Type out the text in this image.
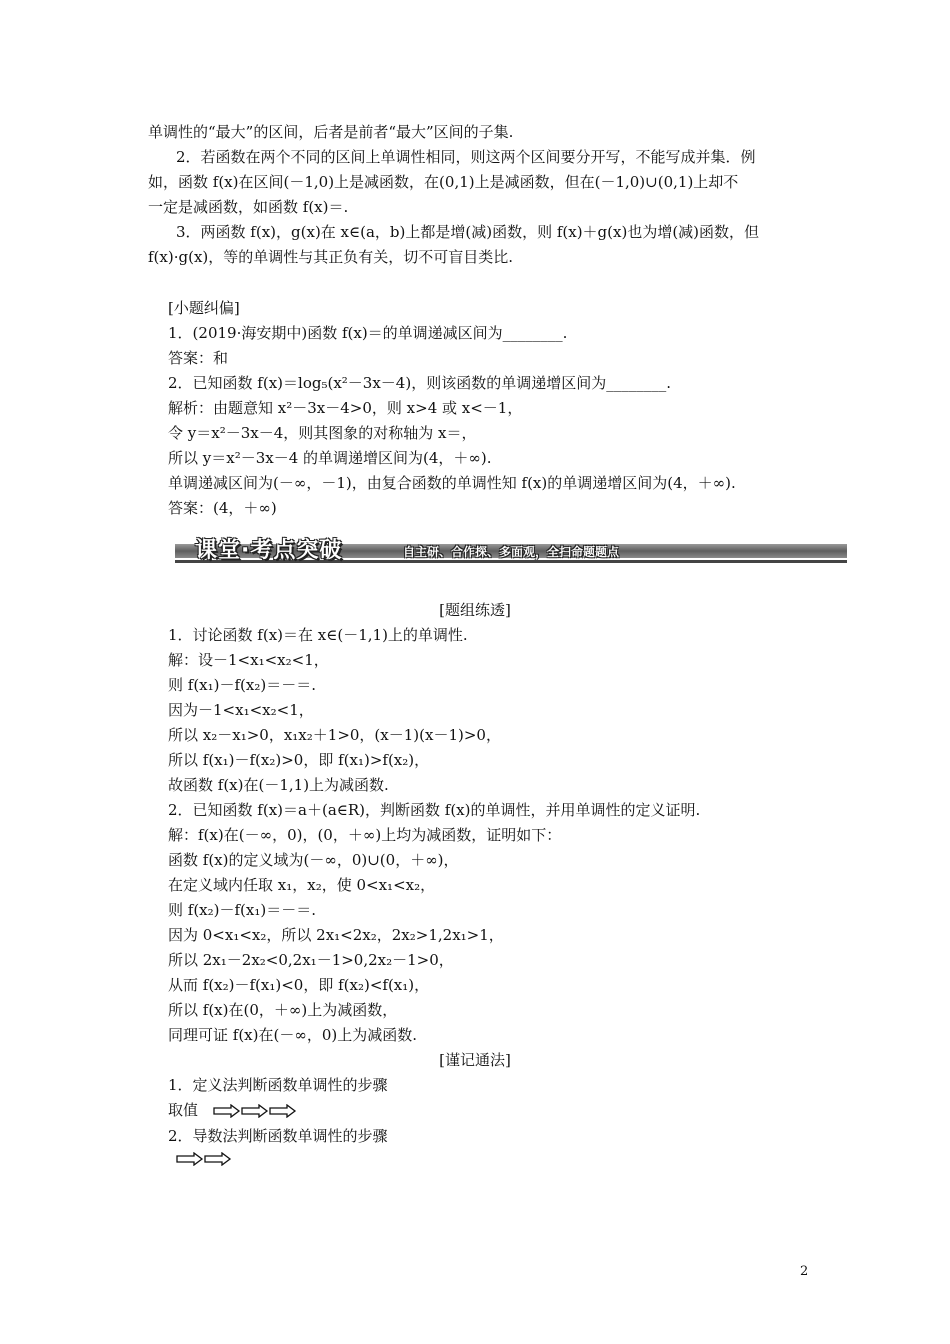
单调性的“最大”的区间，后者是前者“最大”区间的子集.
2．若函数在两个不同的区间上单调性相同，则这两个区间要分开写，不能写成并集．例
如，函数 f(x)在区间(－1,0)上是减函数，在(0,1)上是减函数，但在(－1,0)∪(0,1)上却不
一定是减函数，如函数 f(x)＝.
3．两函数 f(x)，g(x)在 x∈(a，b)上都是增(减)函数，则 f(x)＋g(x)也为增(减)函数，但
f(x)·g(x)，等的单调性与其正负有关，切不可盲目类比.
[小题纠偏]
1．(2019·海安期中)函数 f(x)＝的单调递减区间为________.
答案：和
2．已知函数 f(x)＝log₅(x²－3x－4)，则该函数的单调递增区间为________.
解析：由题意知 x²－3x－4>0，则 x>4 或 x<－1，
令 y＝x²－3x－4，则其图象的对称轴为 x＝，
所以 y＝x²－3x－4 的单调递增区间为(4，＋∞).
单调递减区间为(－∞，－1)，由复合函数的单调性知 f(x)的单调递增区间为(4，＋∞).
答案：(4，＋∞)
课堂·考点突破	自主研、合作探、多面观，全扫命题题点
[题组练透]
1．讨论函数 f(x)＝在 x∈(－1,1)上的单调性.
解：设－1<x₁<x₂<1，
则 f(x₁)－f(x₂)＝－＝.
因为－1<x₁<x₂<1，
所以 x₂－x₁>0，x₁x₂＋1>0，(x－1)(x－1)>0，
所以 f(x₁)－f(x₂)>0，即 f(x₁)>f(x₂)，
故函数 f(x)在(－1,1)上为减函数.
2．已知函数 f(x)＝a＋(a∈R)，判断函数 f(x)的单调性，并用单调性的定义证明.
解：f(x)在(－∞，0)，(0，＋∞)上均为减函数，证明如下：
函数 f(x)的定义域为(－∞，0)∪(0，＋∞)，
在定义域内任取 x₁，x₂，使 0<x₁<x₂，
则 f(x₂)－f(x₁)＝－＝.
因为 0<x₁<x₂，所以 2x₁<2x₂，2x₂>1,2x₁>1，
所以 2x₁－2x₂<0,2x₁－1>0,2x₂－1>0，
从而 f(x₂)－f(x₁)<0，即 f(x₂)<f(x₁)，
所以 f(x)在(0，＋∞)上为减函数，
同理可证 f(x)在(－∞，0)上为减函数.
[谨记通法]
1．定义法判断函数单调性的步骤
取值
2．导数法判断函数单调性的步骤
2
